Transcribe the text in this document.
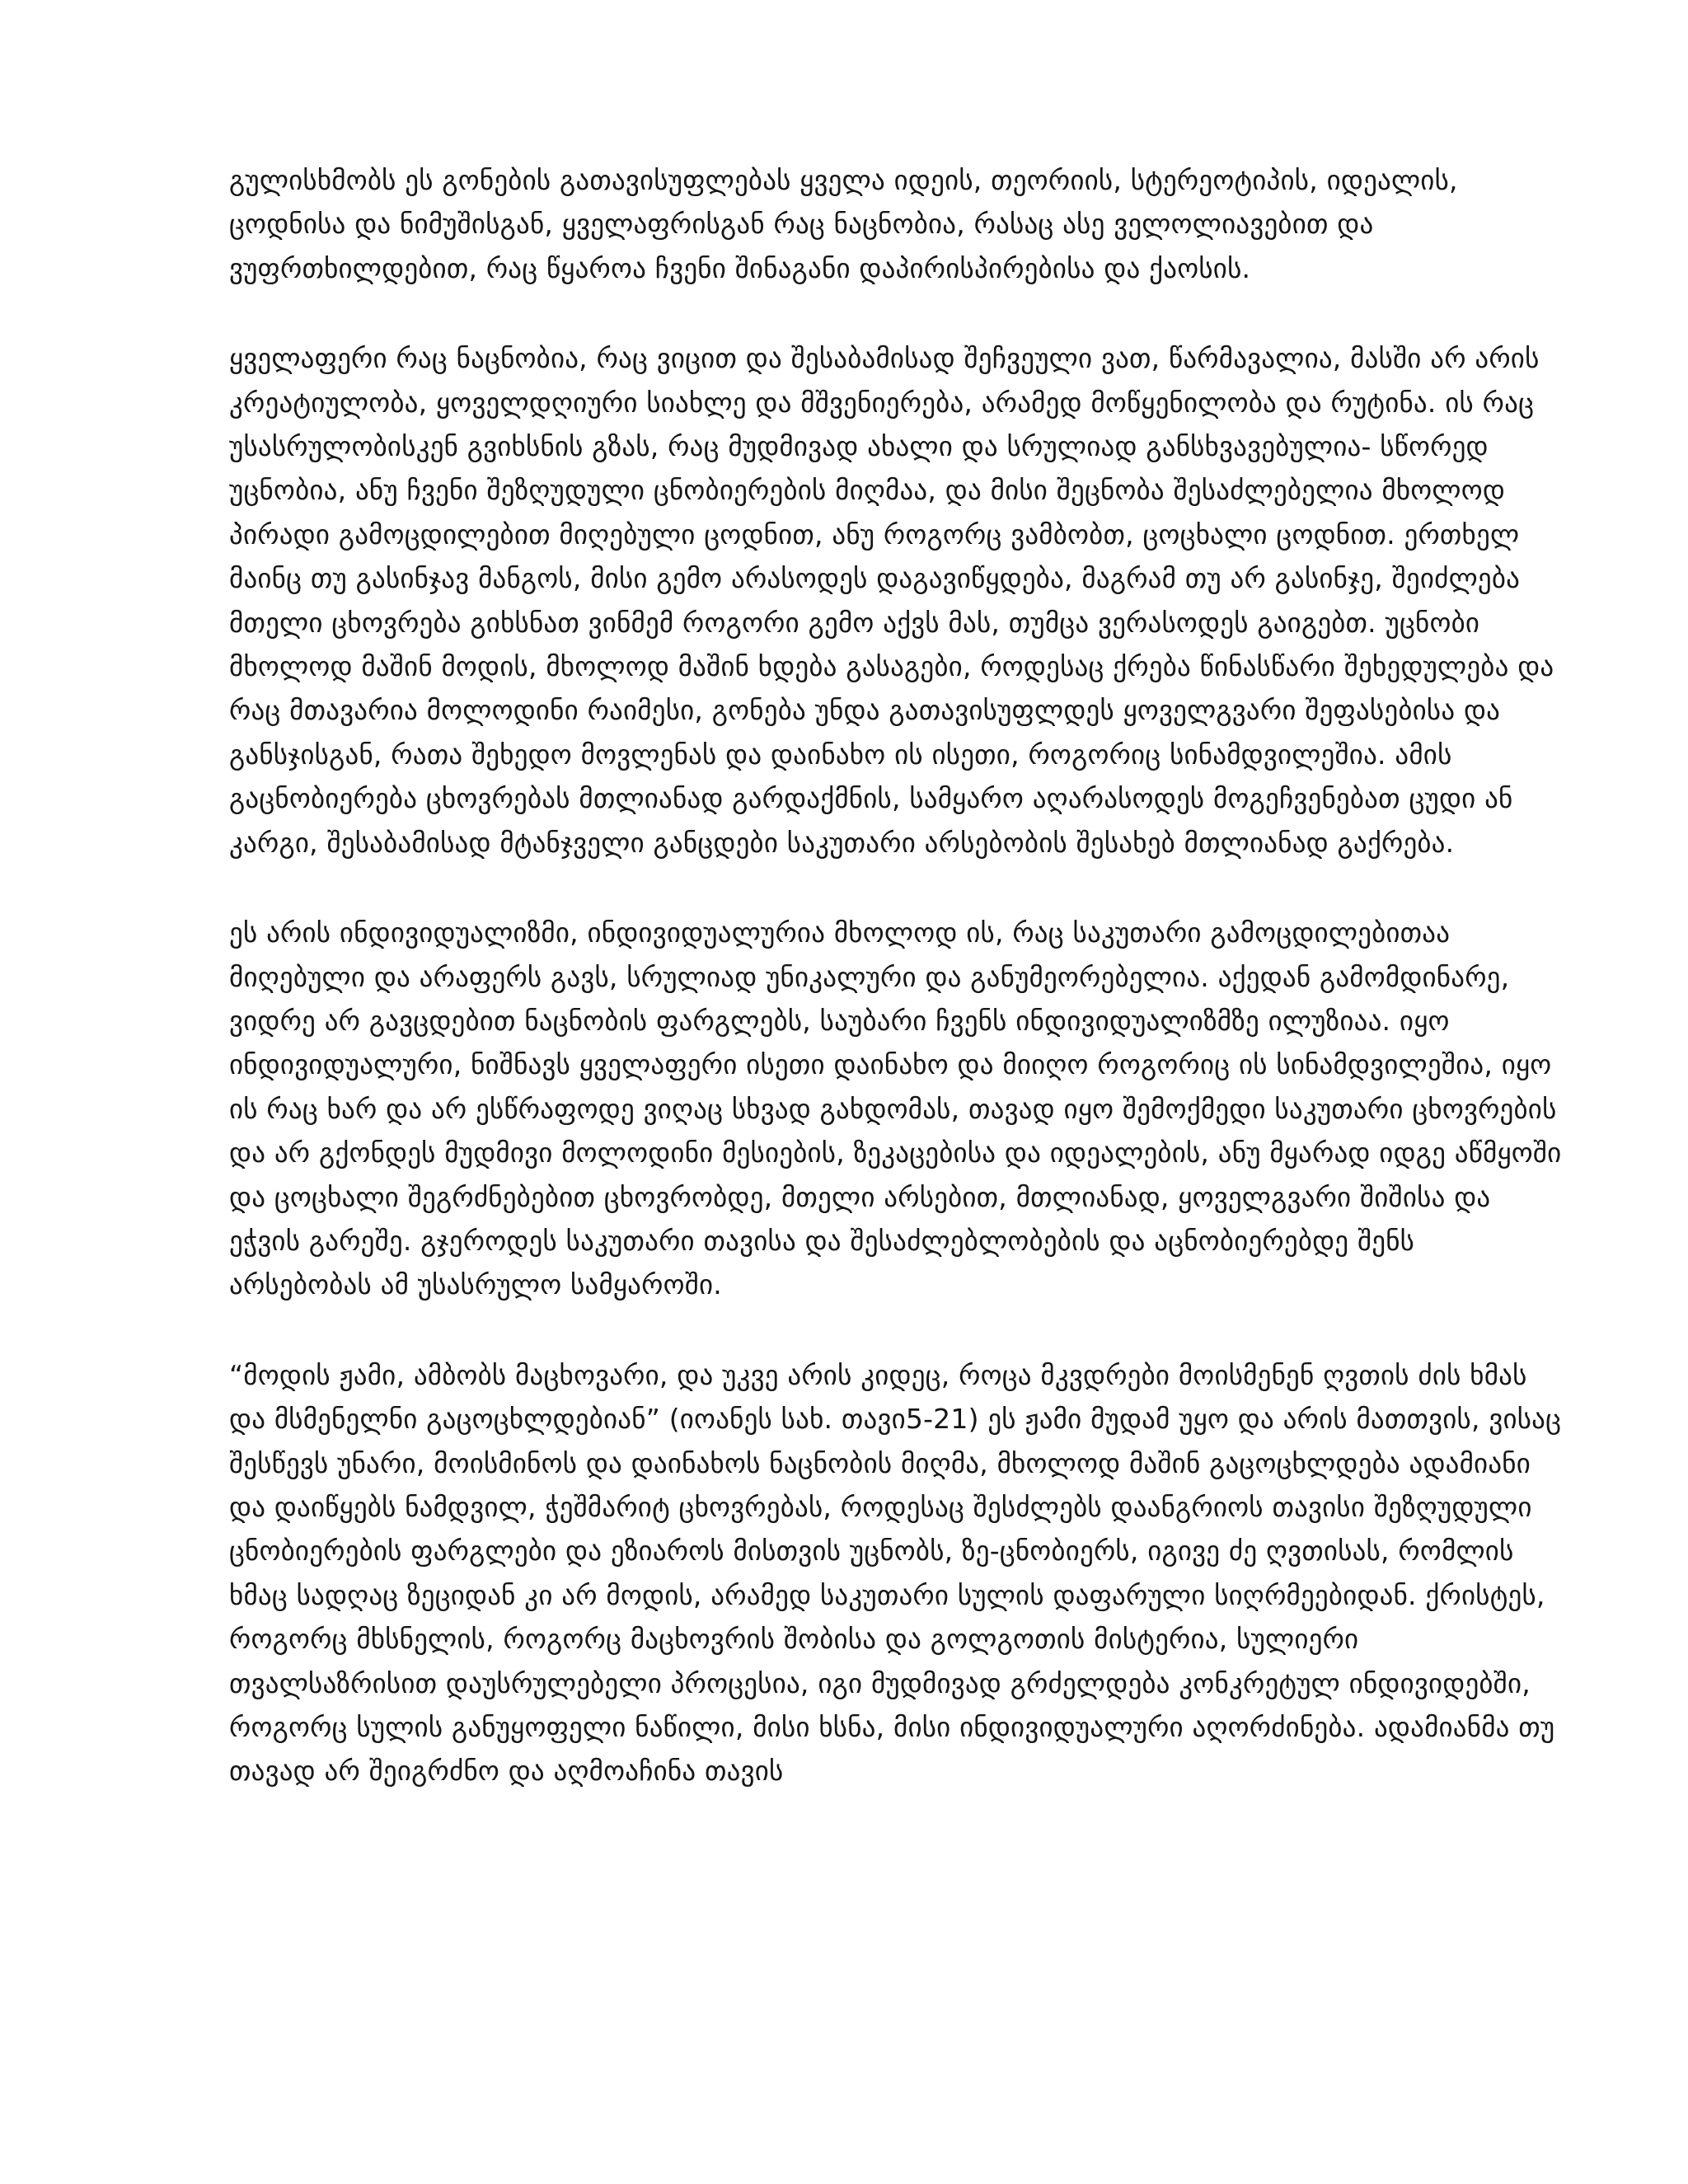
გულისხმობს ეს გონების გათავისუფლებას ყველა იდეის, თეორიის, სტერეოტიპის, იდეალის, ცოდნისა და ნიმუშისგან, ყველაფრისგან რაც ნაცნობია, რასაც ასე ველოლიავებით და ვუფრთხილდებით, რაც წყაროა ჩვენი შინაგანი დაპირისპირებისა და ქაოსის.

ყველაფერი რაც ნაცნობია, რაც ვიცით და შესაბამისად შეჩვეული ვათ, წარმავალია, მასში არ არის კრეატიულობა, ყოველდღიური სიახლე და მშვენიერება, არამედ მოწყენილობა და რუტინა. ის რაც უსასრულობისკენ გვიხსნის გზას, რაც მუდმივად ახალი და სრულიად განსხვავებულია- სწორედ უცნობია, ანუ ჩვენი შეზღუდული ცნობიერების მიღმაა, და მისი შეცნობა შესაძლებელია მხოლოდ პირადი გამოცდილებით მიღებული ცოდნით, ანუ როგორც ვამბობთ, ცოცხალი ცოდნით. ერთხელ მაინც თუ გასინჯავ მანგოს, მისი გემო არასოდეს დაგავიწყდება, მაგრამ თუ არ გასინჯე, შეიძლება მთელი ცხოვრება გიხსნათ ვინმემ როგორი გემო აქვს მას, თუმცა ვერასოდეს გაიგებთ. უცნობი მხოლოდ მაშინ მოდის, მხოლოდ მაშინ ხდება გასაგები, როდესაც ქრება წინასწარი შეხედულება და რაც მთავარია მოლოდინი რაიმესი, გონება უნდა გათავისუფლდეს ყოველგვარი შეფასებისა და განსჯისგან, რათა შეხედო მოვლენას და დაინახო ის ისეთი, როგორიც სინამდვილეშია. ამის გაცნობიერება ცხოვრებას მთლიანად გარდაქმნის, სამყარო აღარასოდეს მოგეჩვენებათ ცუდი ან კარგი, შესაბამისად მტანჯველი განცდები საკუთარი არსებობის შესახებ მთლიანად გაქრება.

ეს არის ინდივიდუალიზმი, ინდივიდუალურია მხოლოდ ის, რაც საკუთარი გამოცდილებითაა მიღებული და არაფერს გავს, სრულიად უნიკალური და განუმეორებელია. აქედან გამომდინარე, ვიდრე არ გავცდებით ნაცნობის ფარგლებს, საუბარი ჩვენს ინდივიდუალიზმზე ილუზიაა. იყო ინდივიდუალური, ნიშნავს ყველაფერი ისეთი დაინახო და მიიღო როგორიც ის სინამდვილეშია, იყო ის რაც ხარ და არ ესწრაფოდე ვიღაც სხვად გახდომას, თავად იყო შემოქმედი საკუთარი ცხოვრების და არ გქონდეს მუდმივი მოლოდინი მესიების, ზეკაცებისა და იდეალების, ანუ მყარად იდგე აწმყოში და ცოცხალი შეგრძნებებით ცხოვრობდე, მთელი არსებით, მთლიანად, ყოველგვარი შიშისა და ეჭვის გარეშე. გჯეროდეს საკუთარი თავისა და შესაძლებლობების და აცნობიერებდე შენს არსებობას ამ უსასრულო სამყაროში.

“მოდის ჟამი, ამბობს მაცხოვარი, და უკვე არის კიდეც, როცა მკვდრები მოისმენენ ღვთის ძის ხმას და მსმენელნი გაცოცხლდებიან” (იოანეს სახ. თავი5-21) ეს ჟამი მუდამ უყო და არის მათთვის, ვისაც შესწევს უნარი, მოისმინოს და დაინახოს ნაცნობის მიღმა, მხოლოდ მაშინ გაცოცხლდება ადამიანი და დაიწყებს ნამდვილ, ჭეშმარიტ ცხოვრებას, როდესაც შესძლებს დაანგრიოს თავისი შეზღუდული ცნობიერების ფარგლები და ეზიაროს მისთვის უცნობს, ზე-ცნობიერს, იგივე ძე ღვთისას, რომლის ხმაც სადღაც ზეციდან კი არ მოდის, არამედ საკუთარი სულის დაფარული სიღრმეებიდან. ქრისტეს, როგორც მხსნელის, როგორც მაცხოვრის შობისა და გოლგოთის მისტერია, სულიერი თვალსაზრისით დაუსრულებელი პროცესია, იგი მუდმივად გრძელდება კონკრეტულ ინდივიდებში, როგორც სულის განუყოფელი ნაწილი, მისი ხსნა, მისი ინდივიდუალური აღორძინება. ადამიანმა თუ თავად არ შეიგრძნო და აღმოაჩინა თავის
